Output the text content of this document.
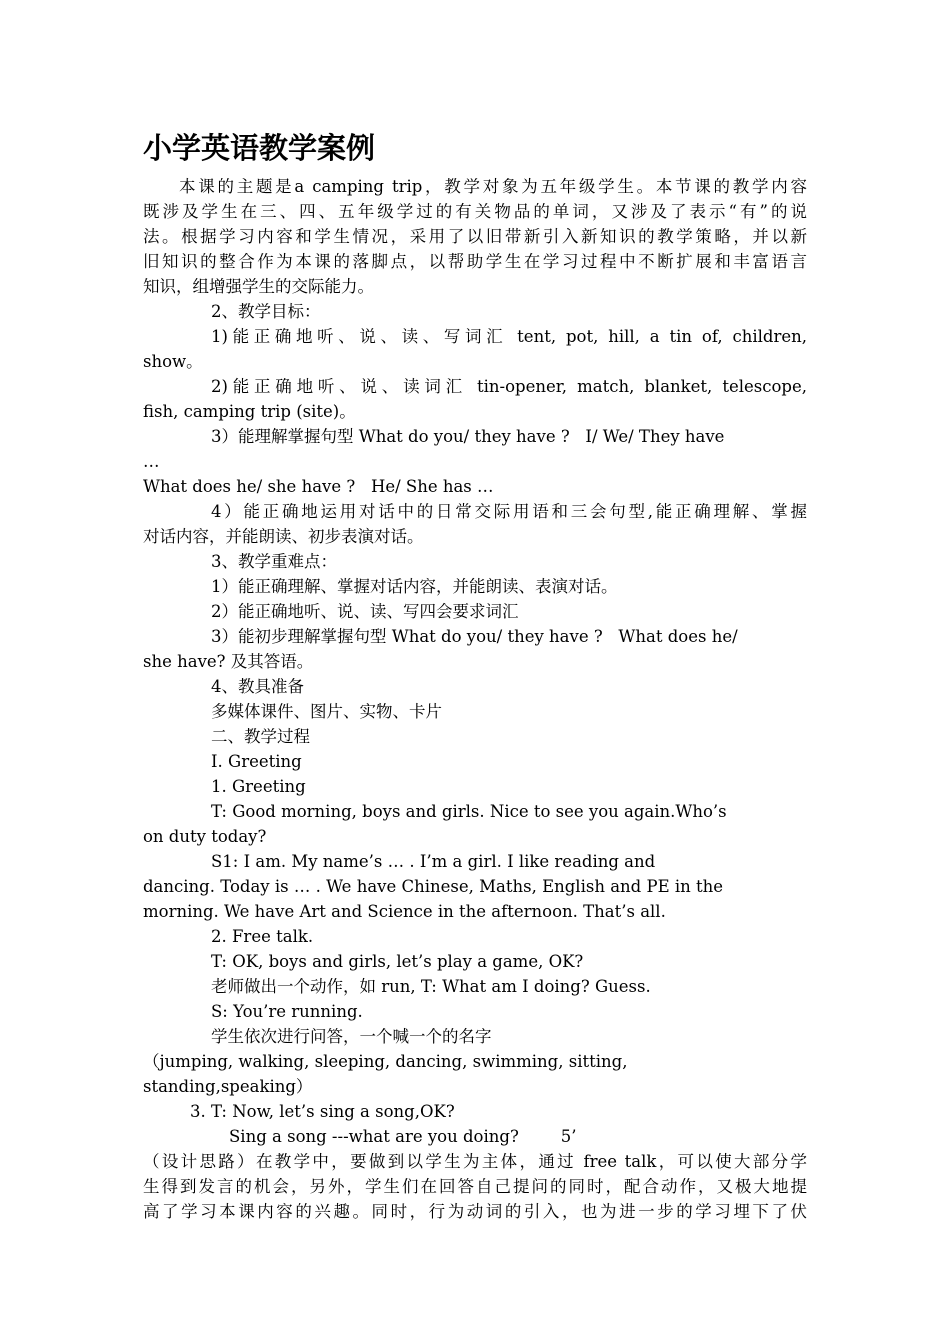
小学英语教学案例
本课的主题是a camping trip，教学对象为五年级学生。本节课的教学内容
既涉及学生在三、四、五年级学过的有关物品的单词，又涉及了表示“有”的说
法。根据学习内容和学生情况，采用了以旧带新引入新知识的教学策略，并以新
旧知识的整合作为本课的落脚点，以帮助学生在学习过程中不断扩展和丰富语言
知识，组增强学生的交际能力。
2、教学目标：
1)能正确地听、说、读、写词汇 tent, pot, hill, a tin of, children,
show。
2)能正确地听、说、读词汇 tin-opener, match, blanket, telescope,
fish, camping trip (site)。
3）能理解掌握句型 What do you/ they have ?   I/ We/ They have
…
What does he/ she have ?   He/ She has …
4）能正确地运用对话中的日常交际用语和三会句型,能正确理解、掌握
对话内容，并能朗读、初步表演对话。
3、教学重难点：
1）能正确理解、掌握对话内容，并能朗读、表演对话。
2）能正确地听、说、读、写四会要求词汇
3）能初步理解掌握句型 What do you/ they have ?   What does he/
she have? 及其答语。
4、教具准备
多媒体课件、图片、实物、卡片
二、教学过程
I. Greeting
1. Greeting
T: Good morning, boys and girls. Nice to see you again.Who’s
on duty today?
S1: I am. My name’s … . I’m a girl. I like reading and
dancing. Today is … . We have Chinese, Maths, English and PE in the
morning. We have Art and Science in the afternoon. That’s all.
2. Free talk.
T: OK, boys and girls, let’s play a game, OK?
老师做出一个动作，如 run, T: What am I doing? Guess.
S: You’re running.
学生依次进行问答，一个喊一个的名字
（jumping, walking, sleeping, dancing, swimming, sitting,
standing,speaking）
3. T: Now, let’s sing a song,OK?
Sing a song ---what are you doing?        5’
（设计思路）在教学中，要做到以学生为主体，通过 free talk，可以使大部分学
生得到发言的机会，另外，学生们在回答自己提问的同时，配合动作，又极大地提
高了学习本课内容的兴趣。同时，行为动词的引入，也为进一步的学习埋下了伏
